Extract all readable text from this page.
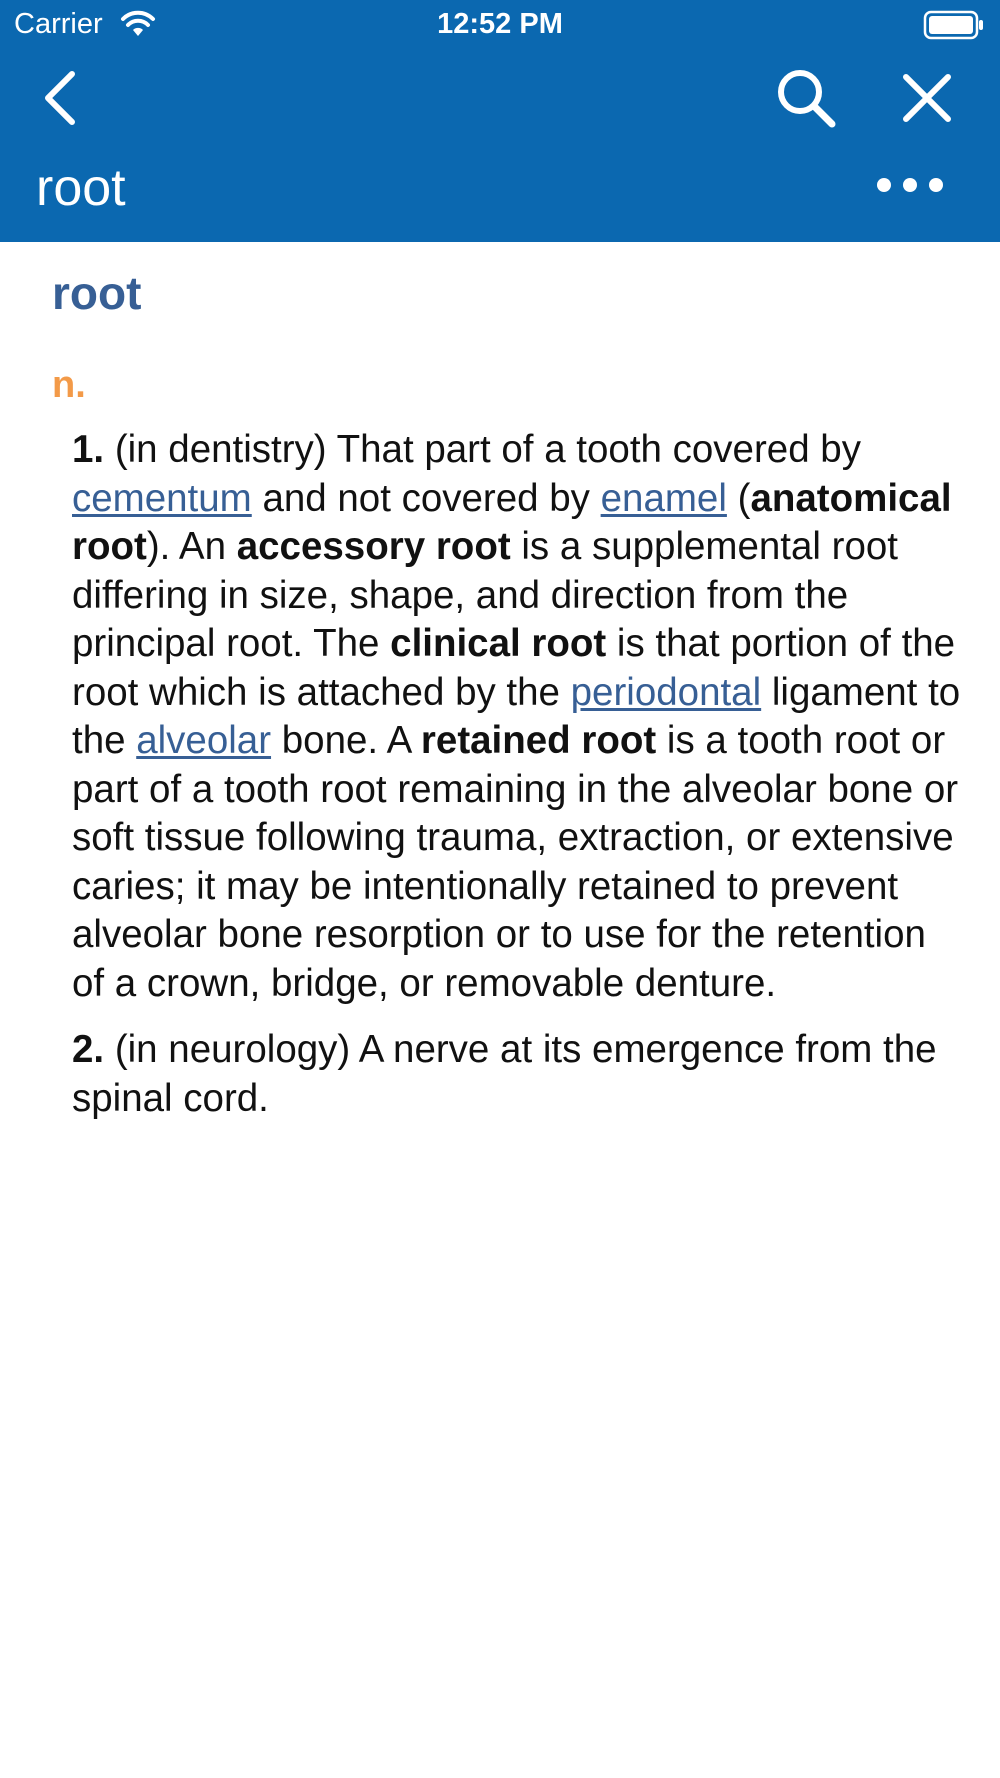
Carrier	12:52 PM
root
root
n.

1. (in dentistry) That part of a tooth covered by cementum and not covered by enamel (anatomical root). An accessory root is a supplemental root differing in size, shape, and direction from the principal root. The clinical root is that portion of the root which is attached by the periodontal ligament to the alveolar bone. A retained root is a tooth root or part of a tooth root remaining in the alveolar bone or soft tissue following trauma, extraction, or extensive caries; it may be intentionally retained to prevent alveolar bone resorption or to use for the retention of a crown, bridge, or removable denture.

2. (in neurology) A nerve at its emergence from the spinal cord.
